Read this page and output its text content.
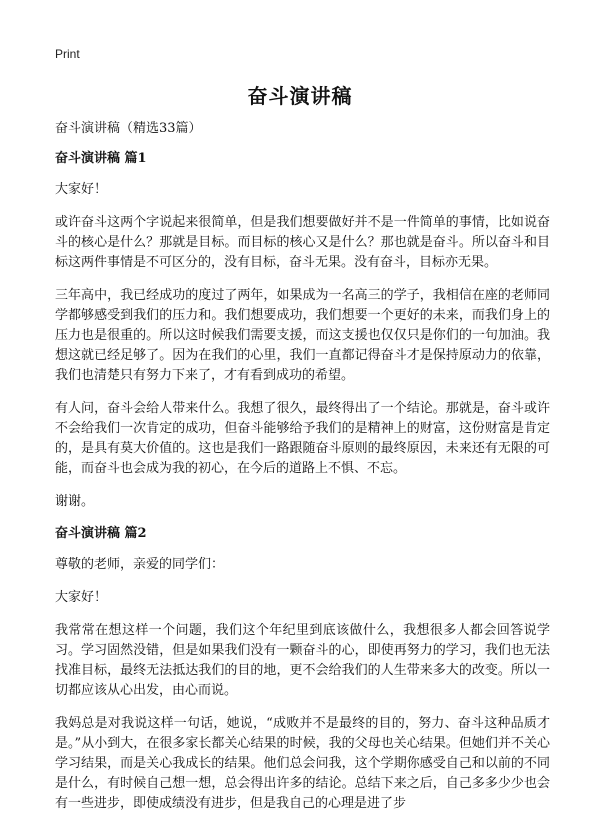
Print
奋斗演讲稿
奋斗演讲稿（精选33篇）
奋斗演讲稿 篇1

大家好！

或许奋斗这两个字说起来很简单，但是我们想要做好并不是一件简单的事情，比如说奋斗的核心是什么？那就是目标。而目标的核心又是什么？那也就是奋斗。所以奋斗和目标这两件事情是不可区分的，没有目标，奋斗无果。没有奋斗，目标亦无果。

三年高中，我已经成功的度过了两年，如果成为一名高三的学子，我相信在座的老师同学都够感受到我们的压力和。我们想要成功，我们想要一个更好的未来，而我们身上的压力也是很重的。所以这时候我们需要支援，而这支援也仅仅只是你们的一句加油。我想这就已经足够了。因为在我们的心里，我们一直都记得奋斗才是保持原动力的依靠，我们也清楚只有努力下来了，才有看到成功的希望。

有人问，奋斗会给人带来什么。我想了很久，最终得出了一个结论。那就是，奋斗或许不会给我们一次肯定的成功，但奋斗能够给予我们的是精神上的财富，这份财富是肯定的，是具有莫大价值的。这也是我们一路跟随奋斗原则的最终原因，未来还有无限的可能，而奋斗也会成为我的初心，在今后的道路上不惧、不忘。

谢谢。

奋斗演讲稿 篇2

尊敬的老师，亲爱的同学们：

大家好！

我常常在想这样一个问题，我们这个年纪里到底该做什么，我想很多人都会回答说学习。学习固然没错，但是如果我们没有一颗奋斗的心，即使再努力的学习，我们也无法找准目标，最终无法抵达我们的目的地，更不会给我们的人生带来多大的改变。所以一切都应该从心出发，由心而说。

我妈总是对我说这样一句话，她说，“成败并不是最终的目的，努力、奋斗这种品质才是。”从小到大，在很多家长都关心结果的时候，我的父母也关心结果。但她们并不关心学习结果，而是关心我成长的结果。他们总会问我，这个学期你感受自己和以前的不同是什么，有时候自己想一想，总会得出许多的结论。总结下来之后，自己多多少少也会有一些进步，即使成绩没有进步，但是我自己的心理是进了步
